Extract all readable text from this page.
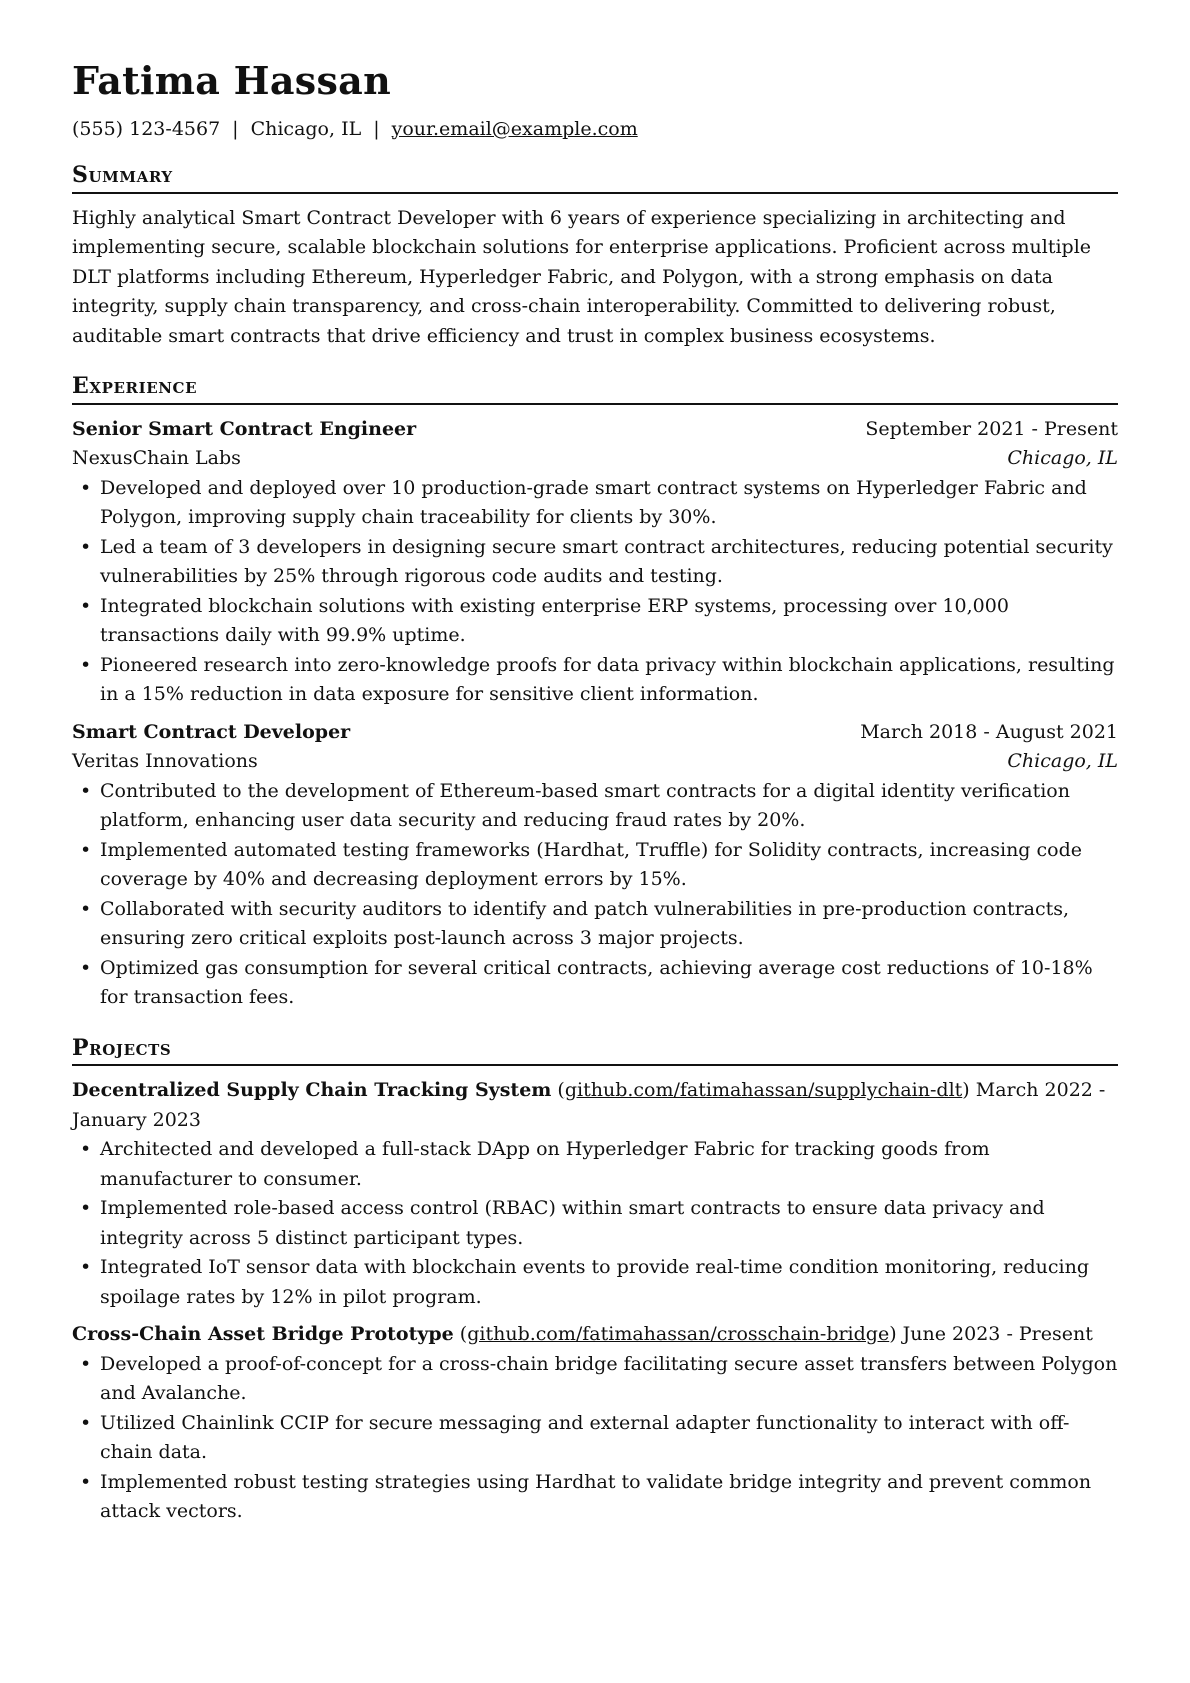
Fatima Hassan
(555) 123-4567 | Chicago, IL | your.email@example.com
Summary

Highly analytical Smart Contract Developer with 6 years of experience specializing in architecting and implementing secure, scalable blockchain solutions for enterprise applications. Proficient across multiple DLT platforms including Ethereum, Hyperledger Fabric, and Polygon, with a strong emphasis on data integrity, supply chain transparency, and cross-chain interoperability. Committed to delivering robust, auditable smart contracts that drive efficiency and trust in complex business ecosystems.

Experience
Senior Smart Contract Engineer	September 2021 - Present
NexusChain Labs	Chicago, IL
• Developed and deployed over 10 production-grade smart contract systems on Hyperledger Fabric and Polygon, improving supply chain traceability for clients by 30%.
• Led a team of 3 developers in designing secure smart contract architectures, reducing potential security vulnerabilities by 25% through rigorous code audits and testing.
• Integrated blockchain solutions with existing enterprise ERP systems, processing over 10,000 transactions daily with 99.9% uptime.
• Pioneered research into zero-knowledge proofs for data privacy within blockchain applications, resulting in a 15% reduction in data exposure for sensitive client information.
Smart Contract Developer	March 2018 - August 2021
Veritas Innovations	Chicago, IL
• Contributed to the development of Ethereum-based smart contracts for a digital identity verification platform, enhancing user data security and reducing fraud rates by 20%.
• Implemented automated testing frameworks (Hardhat, Truffle) for Solidity contracts, increasing code coverage by 40% and decreasing deployment errors by 15%.
• Collaborated with security auditors to identify and patch vulnerabilities in pre-production contracts, ensuring zero critical exploits post-launch across 3 major projects.
• Optimized gas consumption for several critical contracts, achieving average cost reductions of 10-18% for transaction fees.
Projects
Decentralized Supply Chain Tracking System (github.com/fatimahassan/supplychain-dlt) March 2022 - January 2023
• Architected and developed a full-stack DApp on Hyperledger Fabric for tracking goods from manufacturer to consumer.
• Implemented role-based access control (RBAC) within smart contracts to ensure data privacy and integrity across 5 distinct participant types.
• Integrated IoT sensor data with blockchain events to provide real-time condition monitoring, reducing spoilage rates by 12% in pilot program.
Cross-Chain Asset Bridge Prototype (github.com/fatimahassan/crosschain-bridge) June 2023 - Present
• Developed a proof-of-concept for a cross-chain bridge facilitating secure asset transfers between Polygon and Avalanche.
• Utilized Chainlink CCIP for secure messaging and external adapter functionality to interact with off-chain data.
• Implemented robust testing strategies using Hardhat to validate bridge integrity and prevent common attack vectors.
